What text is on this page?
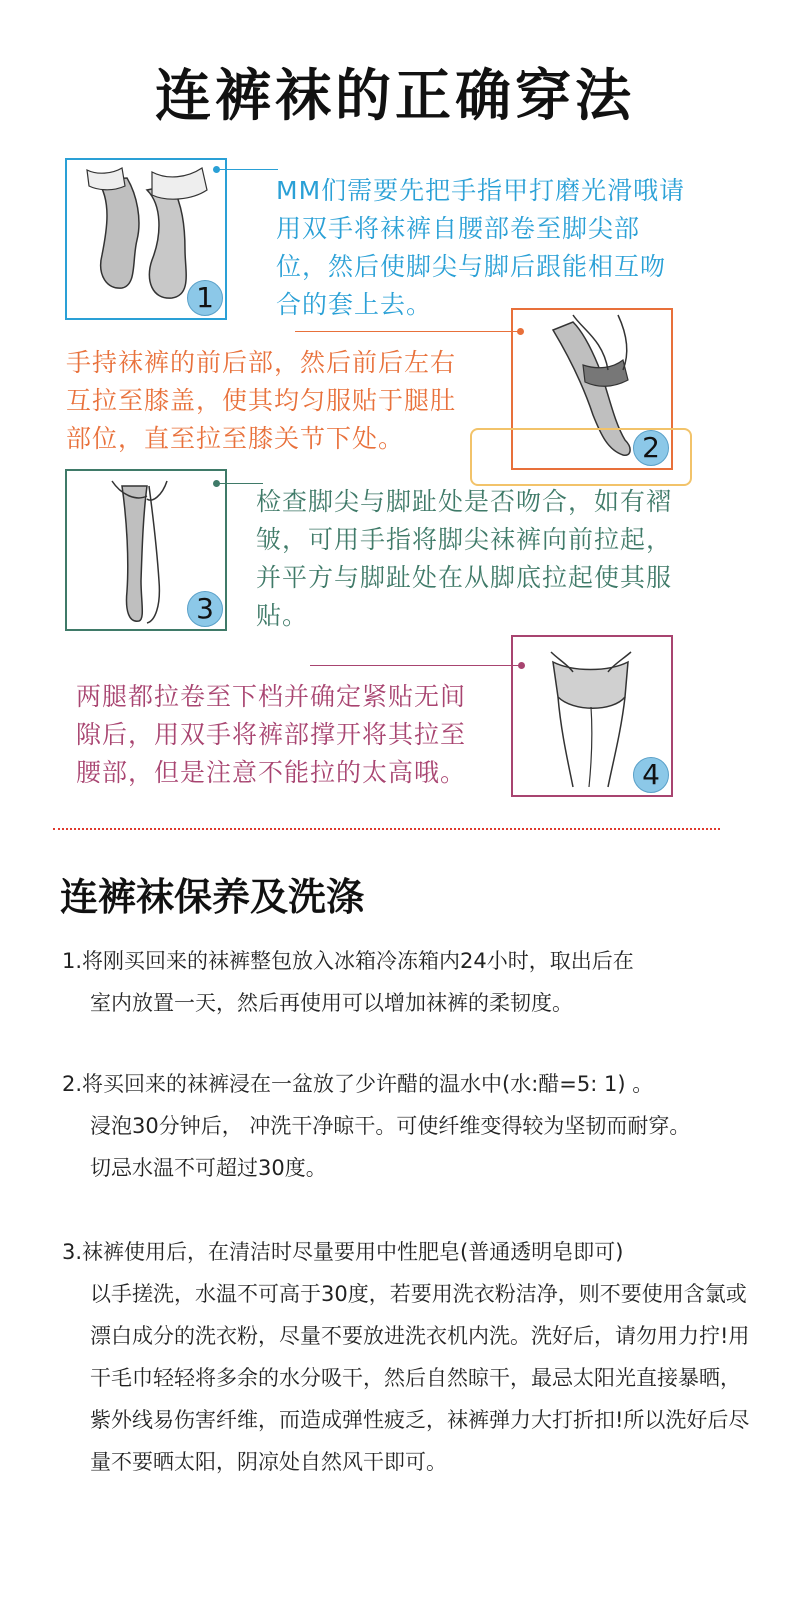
连裤袜的正确穿法
1
MM们需要先把手指甲打磨光滑哦请用双手将袜裤自腰部卷至脚尖部位，然后使脚尖与脚后跟能相互吻合的套上去。
2
手持袜裤的前后部，然后前后左右互拉至膝盖，使其均匀服贴于腿肚部位，直至拉至膝关节下处。
3
检查脚尖与脚趾处是否吻合，如有褶皱，可用手指将脚尖袜裤向前拉起，并平方与脚趾处在从脚底拉起使其服贴。
4
两腿都拉卷至下档并确定紧贴无间隙后，用双手将裤部撑开将其拉至腰部，但是注意不能拉的太高哦。
连裤袜保养及洗涤
1.将刚买回来的袜裤整包放入冰箱冷冻箱内24小时，取出后在
室内放置一天，然后再使用可以增加袜裤的柔韧度。
2.将买回来的袜裤浸在一盆放了少许醋的温水中(水:醋=5: 1) 。
浸泡30分钟后， 冲洗干净晾干。可使纤维变得较为坚韧而耐穿。切忌水温不可超过30度。
3.袜裤使用后，在清洁时尽量要用中性肥皂(普通透明皂即可)
以手搓洗，水温不可高于30度，若要用洗衣粉洁净，则不要使用含氯或漂白成分的洗衣粉，尽量不要放进洗衣机内洗。洗好后，请勿用力拧!用干毛巾轻轻将多余的水分吸干，然后自然晾干，最忌太阳光直接暴晒，紫外线易伤害纤维，而造成弹性疲乏，袜裤弹力大打折扣!所以洗好后尽量不要晒太阳，阴凉处自然风干即可。
